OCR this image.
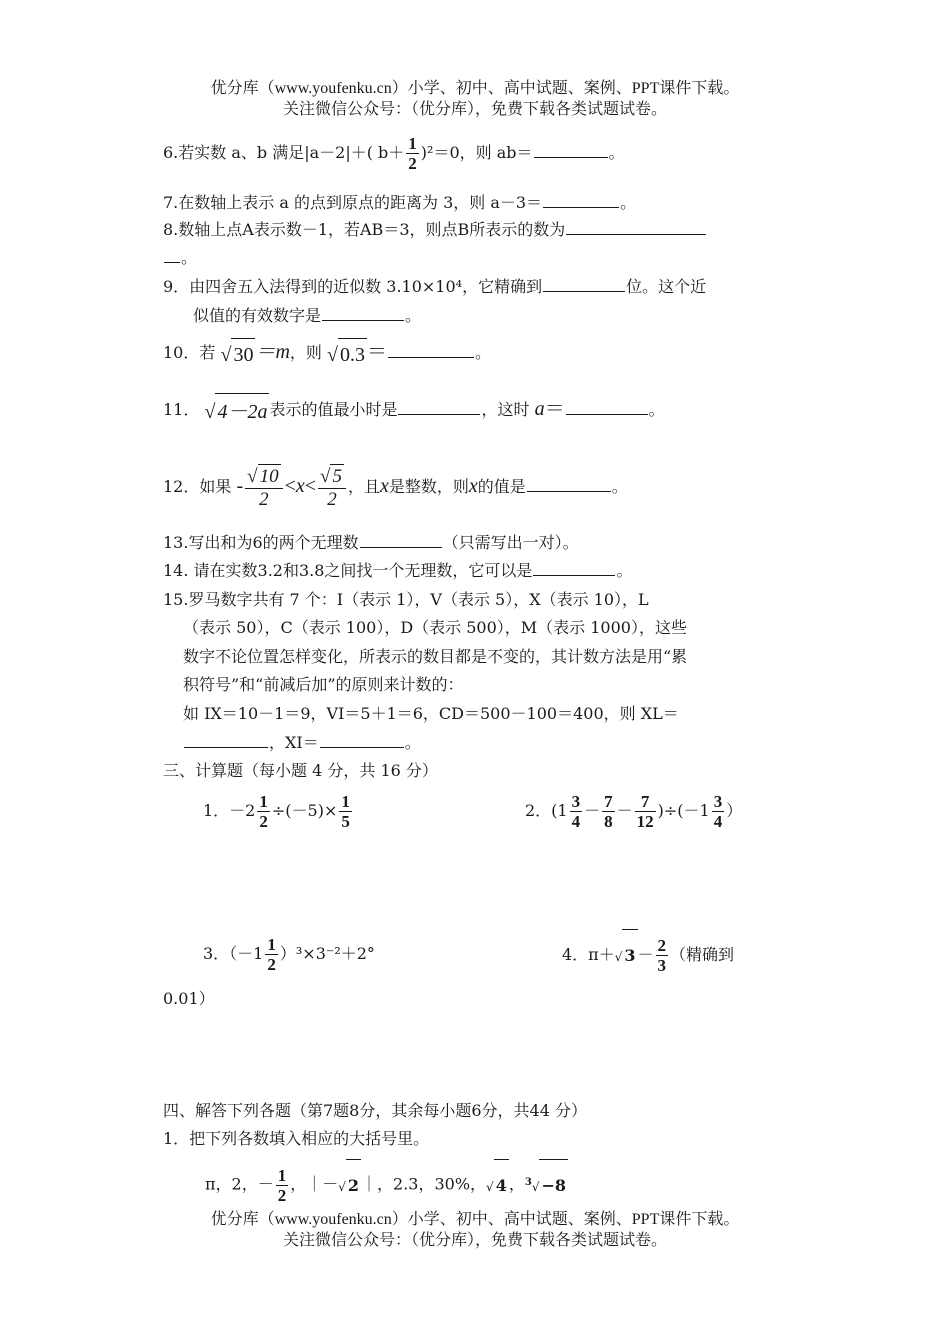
优分库（www.youfenku.cn）小学、初中、高中试题、案例、PPT课件下载。
关注微信公众号：（优分库），免费下载各类试题试卷。
6.若实数 a、b 满足|a－2|＋( $b+ \frac{1}{2} )^2=0$，则 ab＝	。
7.在数轴上表示 a 的点到原点的距离为 3，则 a－3＝	。
8.数轴上点A表示数－1，若AB＝3，则点B所表示的数为
。
9．由四舍五入法得到的近似数 3.10×10⁴，它精确到	位。这个近
似值的有效数字是	。
10．若 √ 30 ＝m，则 √ 0.3 ＝	。
11． √ 4－2a 表示的值最小时是	，这时 a＝	。
12．如果 - $\frac{√ 10}{2} <x< \frac{√ 5}{2}$ ，且x是整数，则x的值是	。
13.写出和为6的两个无理数	（只需写出一对）。
14. 请在实数3.2和3.8之间找一个无理数，它可以是	。
15.罗马数字共有 7 个：I（表示 1），V（表示 5），X（表示 10），L
（表示 50），C（表示 100），D（表示 500），M（表示 1000），这些
数字不论位置怎样变化，所表示的数目都是不变的，其计数方法是用“累
积符号”和“前减后加”的原则来计数的：
如 IX＝10－1＝9，VI＝5＋1＝6，CD＝500－100＝400，则 XL＝
，XI＝	。
三、计算题（每小题 4 分，共 16 分）
1．$-2 \frac{1}{2} \div(-5)\times \frac{1}{5}$	2．$(1 \frac{3}{4} - \frac{7}{8} - \frac{7}{12} )\div(-1 \frac{3}{4}$ ）
3．$(-1 \frac{1}{2} )^3\times 3^{-2}+2^\circ$	4．π＋√ $3 - \frac{2}{3}$ （精确到
0.01）
四、解答下列各题（第7题8分，其余每小题6分，共44 分）
1．把下列各数填入相应的大括号里。
π，2，－ $\frac{1}{2}$ ，｜－√ 2 ｜，2.3，30%，√ 4 ，$^3$√ −8
优分库（www.youfenku.cn）小学、初中、高中试题、案例、PPT课件下载。
关注微信公众号：（优分库），免费下载各类试题试卷。
